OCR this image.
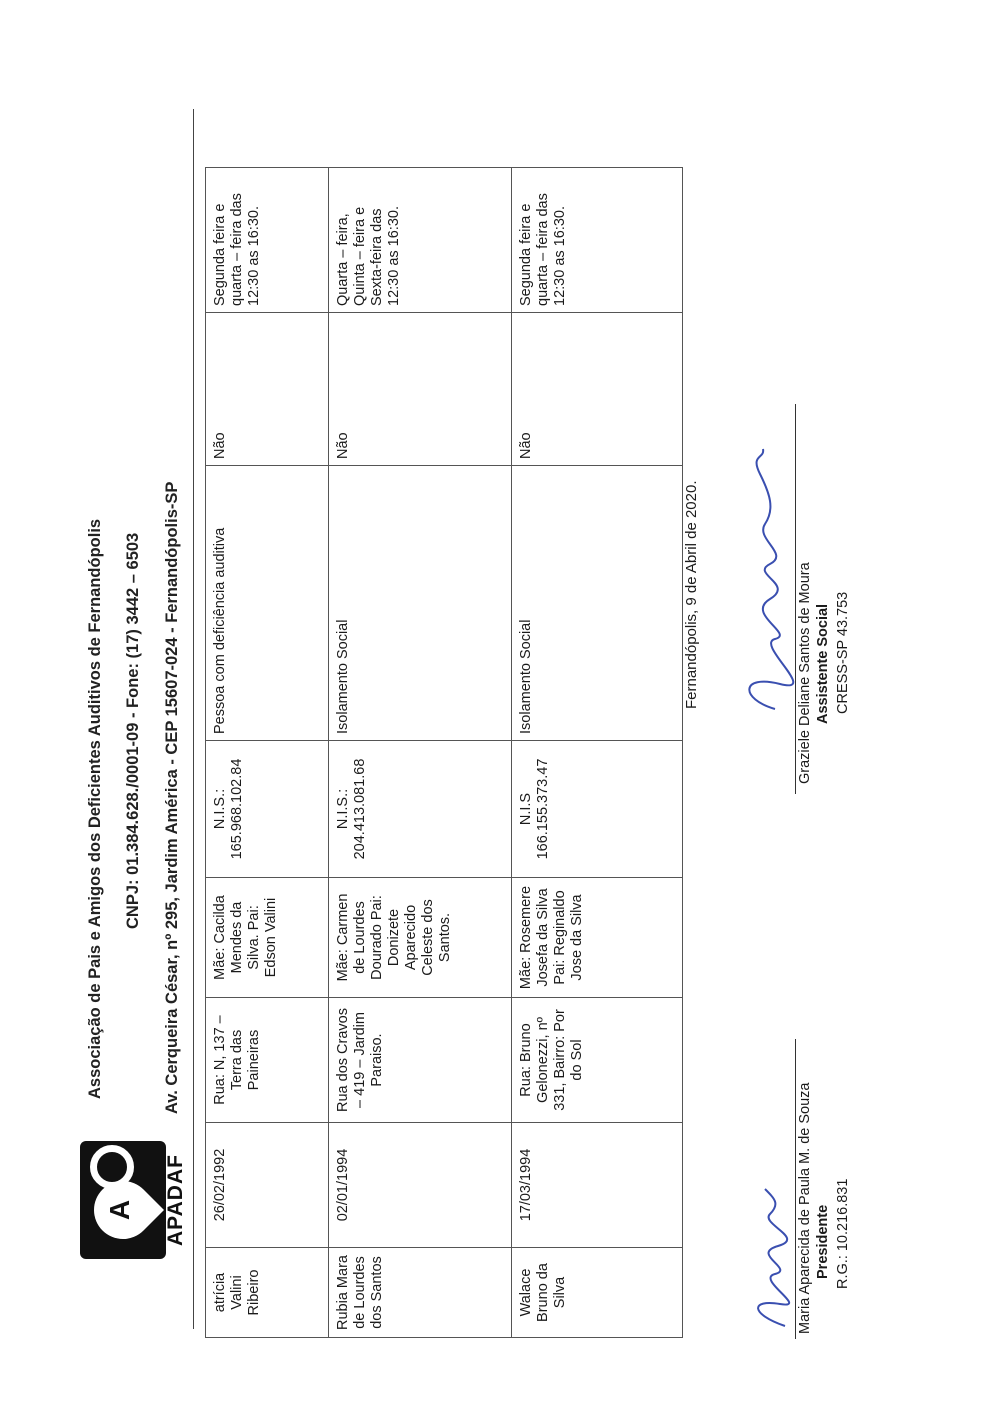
A APADAF
Associação de Pais e Amigos dos Deficientes Auditivos de Fernandópolis CNPJ: 01.384.628./0001-09 - Fone: (17) 3442 – 6503 Av. Cerqueira César, nº 295, Jardim América - CEP 15607-024 - Fernandópolis-SP
atrícia Valini Ribeiro	26/02/1992	Rua: N, 137 – Terra das Paineiras	Mãe: Cacilda Mendes da Silva. Pai: Edson Valini	N.I.S.: 165.968.102.84	Pessoa com deficiência auditiva	Não	Segunda feira e quarta – feira das 12:30 as 16:30.
Rubia Mara de Lourdes dos Santos	02/01/1994	Rua dos Cravos – 419 – Jardim Paraiso.	Mãe: Carmen de Lourdes Dourado Pai: Donizete Aparecido Celeste dos Santos.	N.I.S.: 204.413.081.68	Isolamento Social	Não	Quarta – feira, Quinta – feira e Sexta-feira das 12:30 as 16:30.
Walace Bruno da Silva	17/03/1994	Rua: Bruno Gelonezzi, nº 331, Bairro: Por do Sol	Mãe: Rosemere Josefa da Silva Pai: Reginaldo Jose da Silva	N.I.S 166.155.373.47	Isolamento Social	Não	Segunda feira e quarta – feira das 12:30 as 16:30.
Fernandópolis, 9 de Abril de 2020.
Maria Aparecida de Paula M. de Souza Presidente R.G.: 10.216.831
Graziele Deliane Santos de Moura Assistente Social CRESS-SP 43.753
